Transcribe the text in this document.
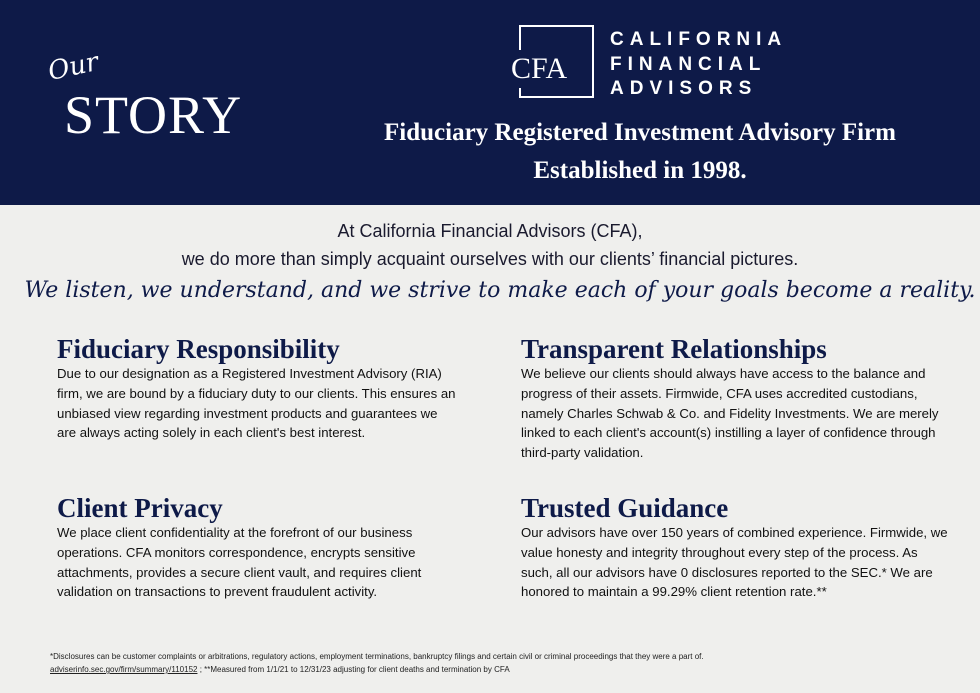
Our
STORY
CFA
CALIFORNIA
FINANCIAL
ADVISORS
Fiduciary Registered Investment Advisory Firm
Established in 1998.
At California Financial Advisors (CFA),
we do more than simply acquaint ourselves with our clients’ financial pictures.
We listen, we understand, and we strive to make each of your goals become a reality.
Fiduciary Responsibility

Due to our designation as a Registered Investment Advisory (RIA) firm, we are bound by a fiduciary duty to our clients. This ensures an unbiased view regarding investment products and guarantees we are always acting solely in each client's best interest.

Transparent Relationships

We believe our clients should always have access to the balance and progress of their assets. Firmwide, CFA uses accredited custodians, namely Charles Schwab & Co. and Fidelity Investments. We are merely linked to each client's account(s) instilling a layer of confidence through third-party validation.

Client Privacy

We place client confidentiality at the forefront of our business operations. CFA monitors correspondence, encrypts sensitive attachments, provides a secure client vault, and requires client validation on transactions to prevent fraudulent activity.

Trusted Guidance

Our advisors have over 150 years of combined experience. Firmwide, we value honesty and integrity throughout every step of the process. As such, all our advisors have 0 disclosures reported to the SEC.* We are honored to maintain a 99.29% client retention rate.**

*Disclosures can be customer complaints or arbitrations, regulatory actions, employment terminations, bankruptcy filings and certain civil or criminal proceedings that they were a part of.
adviserinfo.sec.gov/firm/summary/110152 ; **Measured from 1/1/21 to 12/31/23 adjusting for client deaths and termination by CFA
